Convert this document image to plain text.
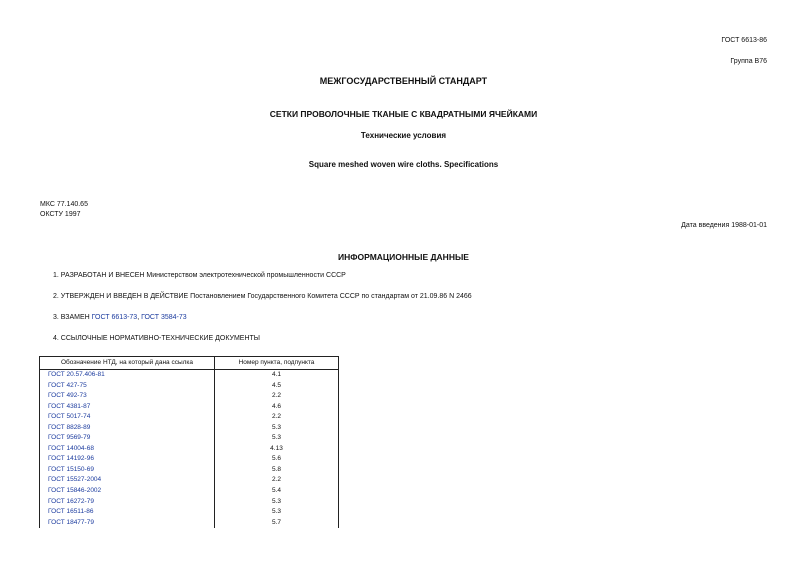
ГОСТ 6613-86
Группа В76
МЕЖГОСУДАРСТВЕННЫЙ СТАНДАРТ
СЕТКИ ПРОВОЛОЧНЫЕ ТКАНЫЕ С КВАДРАТНЫМИ ЯЧЕЙКАМИ
Технические условия
Square meshed woven wire cloths. Specifications
МКС 77.140.65
ОКСТУ 1997
Дата введения 1988-01-01
ИНФОРМАЦИОННЫЕ ДАННЫЕ
1. РАЗРАБОТАН И ВНЕСЕН Министерством электротехнической промышленности СССР
2. УТВЕРЖДЕН И ВВЕДЕН В ДЕЙСТВИЕ Постановлением Государственного Комитета СССР по стандартам от 21.09.86 N 2466
3. ВЗАМЕН ГОСТ 6613-73, ГОСТ 3584-73
4. ССЫЛОЧНЫЕ НОРМАТИВНО-ТЕХНИЧЕСКИЕ ДОКУМЕНТЫ
Обозначение НТД, на который дана ссылка	Номер пункта, подпункта
ГОСТ 20.57.406-81	4.1
ГОСТ 427-75	4.5
ГОСТ 492-73	2.2
ГОСТ 4381-87	4.6
ГОСТ 5017-74	2.2
ГОСТ 8828-89	5.3
ГОСТ 9569-79	5.3
ГОСТ 14004-68	4.13
ГОСТ 14192-96	5.6
ГОСТ 15150-69	5.8
ГОСТ 15527-2004	2.2
ГОСТ 15846-2002	5.4
ГОСТ 16272-79	5.3
ГОСТ 16511-86	5.3
ГОСТ 18477-79	5.7
